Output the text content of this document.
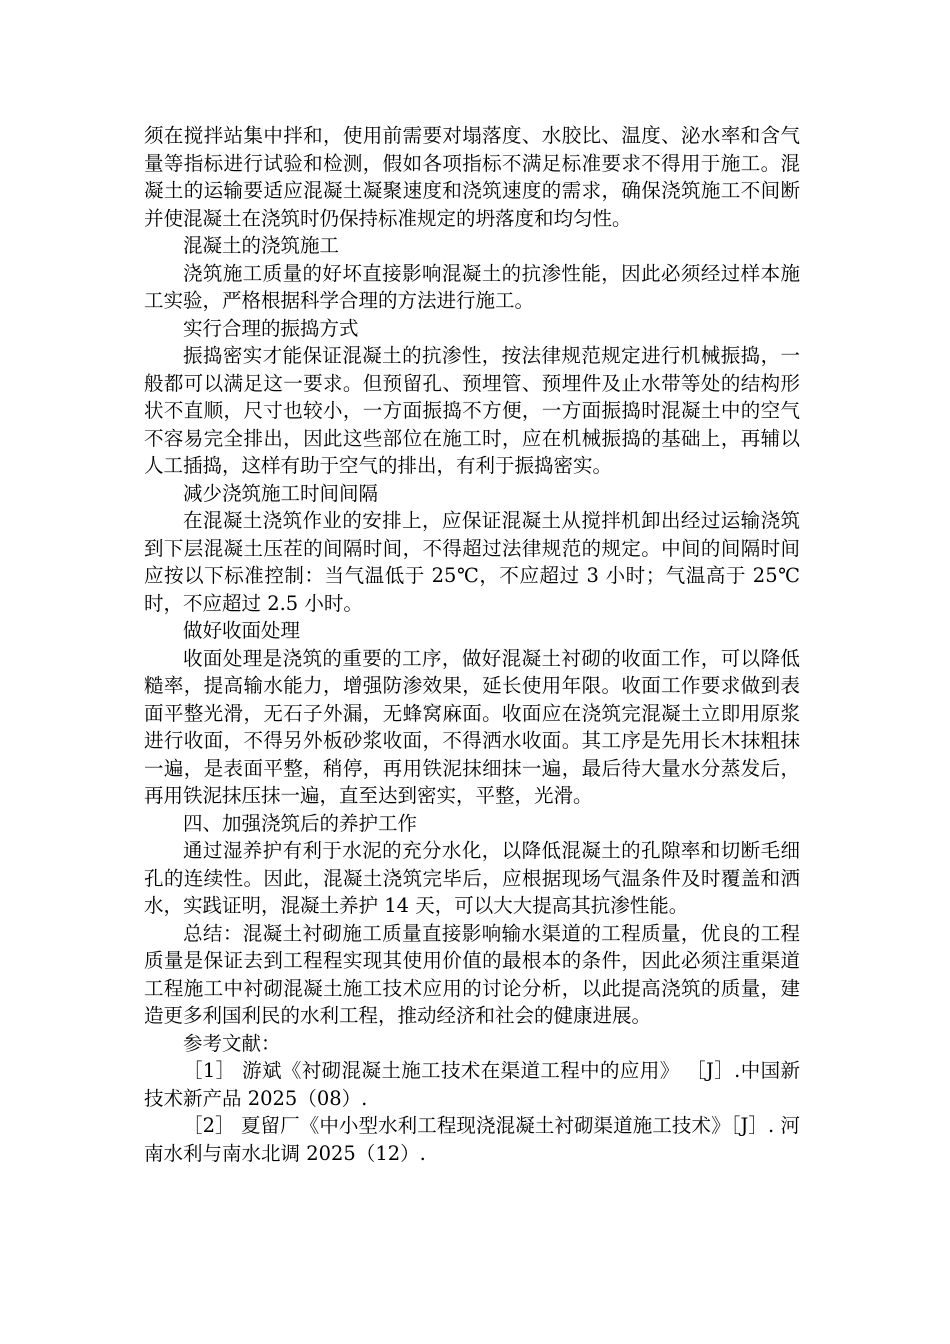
须在搅拌站集中拌和，使用前需要对塌落度、水胶比、温度、泌水率和含气量等指标进行试验和检测，假如各项指标不满足标准要求不得用于施工。混凝土的运输要适应混凝土凝聚速度和浇筑速度的需求，确保浇筑施工不间断并使混凝土在浇筑时仍保持标准规定的坍落度和均匀性。

混凝土的浇筑施工

浇筑施工质量的好坏直接影响混凝土的抗渗性能，因此必须经过样本施工实验，严格根据科学合理的方法进行施工。

实行合理的振捣方式

振捣密实才能保证混凝土的抗渗性，按法律规范规定进行机械振捣，一般都可以满足这一要求。但预留孔、预埋管、预埋件及止水带等处的结构形状不直顺，尺寸也较小，一方面振捣不方便，一方面振捣时混凝土中的空气不容易完全排出，因此这些部位在施工时，应在机械振捣的基础上，再辅以人工插捣，这样有助于空气的排出，有利于振捣密实。

减少浇筑施工时间间隔

在混凝土浇筑作业的安排上，应保证混凝土从搅拌机卸出经过运输浇筑到下层混凝土压茬的间隔时间，不得超过法律规范的规定。中间的间隔时间应按以下标准控制：当气温低于 25℃，不应超过 3 小时；气温高于 25℃时，不应超过 2.5 小时。

做好收面处理

收面处理是浇筑的重要的工序，做好混凝土衬砌的收面工作，可以降低糙率，提高输水能力，增强防渗效果，延长使用年限。收面工作要求做到表面平整光滑，无石子外漏，无蜂窝麻面。收面应在浇筑完混凝土立即用原浆进行收面，不得另外板砂浆收面，不得洒水收面。其工序是先用长木抹粗抹一遍，是表面平整，稍停，再用铁泥抹细抹一遍，最后待大量水分蒸发后，再用铁泥抹压抹一遍，直至达到密实，平整，光滑。

四、加强浇筑后的养护工作

通过湿养护有利于水泥的充分水化，以降低混凝土的孔隙率和切断毛细孔的连续性。因此，混凝土浇筑完毕后，应根据现场气温条件及时覆盖和洒水，实践证明，混凝土养护 14 天，可以大大提高其抗渗性能。

总结：混凝土衬砌施工质量直接影响输水渠道的工程质量，优良的工程质量是保证去到工程程实现其使用价值的最根本的条件，因此必须注重渠道工程施工中衬砌混凝土施工技术应用的讨论分析，以此提高浇筑的质量，建造更多利国利民的水利工程，推动经济和社会的健康进展。

参考文献：

［1］ 游斌《衬砌混凝土施工技术在渠道工程中的应用》 ［J］.中国新技术新产品 2025（08）.

［2］ 夏留厂《中小型水利工程现浇混凝土衬砌渠道施工技术》［J］. 河南水利与南水北调 2025（12）.
